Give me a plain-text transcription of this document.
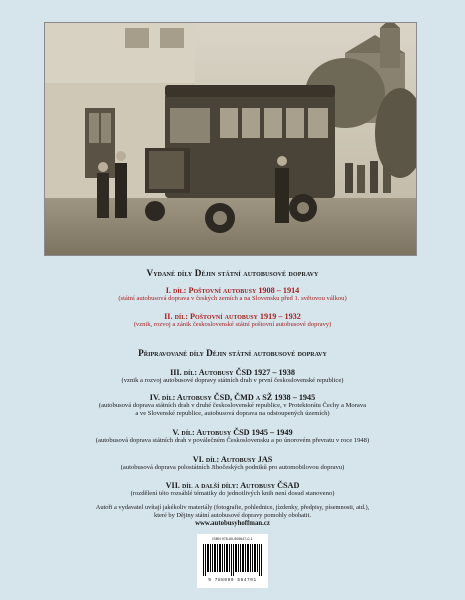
Vydané díly Dějin státní autobusové dopravy
I. díl: Poštovní autobusy 1908 – 1914
(státní autobusová doprava v českých zemích a na Slovensku před 1. světovou válkou)
II. díl: Poštovní autobusy 1919 – 1932
(vznik, rozvoj a zánik československé státní poštovní autobusové dopravy)
Připravované díly Dějin státní autobusové dopravy
III. díl: Autobusy ČSD 1927 – 1938
(vznik a rozvoj autobusové dopravy státních drah v první československé republice)
IV. díl: Autobusy ČSD, ČMD a SŽ 1938 – 1945
(autobusová doprava státních drah v druhé československé republice, v Protektorátu Čechy a Morava
a ve Slovenské republice, autobusová doprava na odstoupených územích)
V. díl: Autobusy ČSD 1945 – 1949
(autobusová doprava státních drah v poválečném Československu a po únorovém převratu v roce 1948)
VI. díl: Autobusy JAS
(autobusová doprava polostátních Jihočeských podniků pro automobilovou dopravu)
VII. díl a další díly: Autobusy ČSAD
(rozdělení této rozsáhlé tématiky do jednotlivých knih není dosud stanoveno)
Autoři a vydavatel uvítají jakékoliv materiály (fotografie, pohlednice, jízdenky, předpisy, písemnosti, atd.),
které by Dějiny státní autobusové dopravy pomohly obohatit.
www.autobusyhoffman.cz
ISBN 978-80-905647-0-1
9 788090 564701
